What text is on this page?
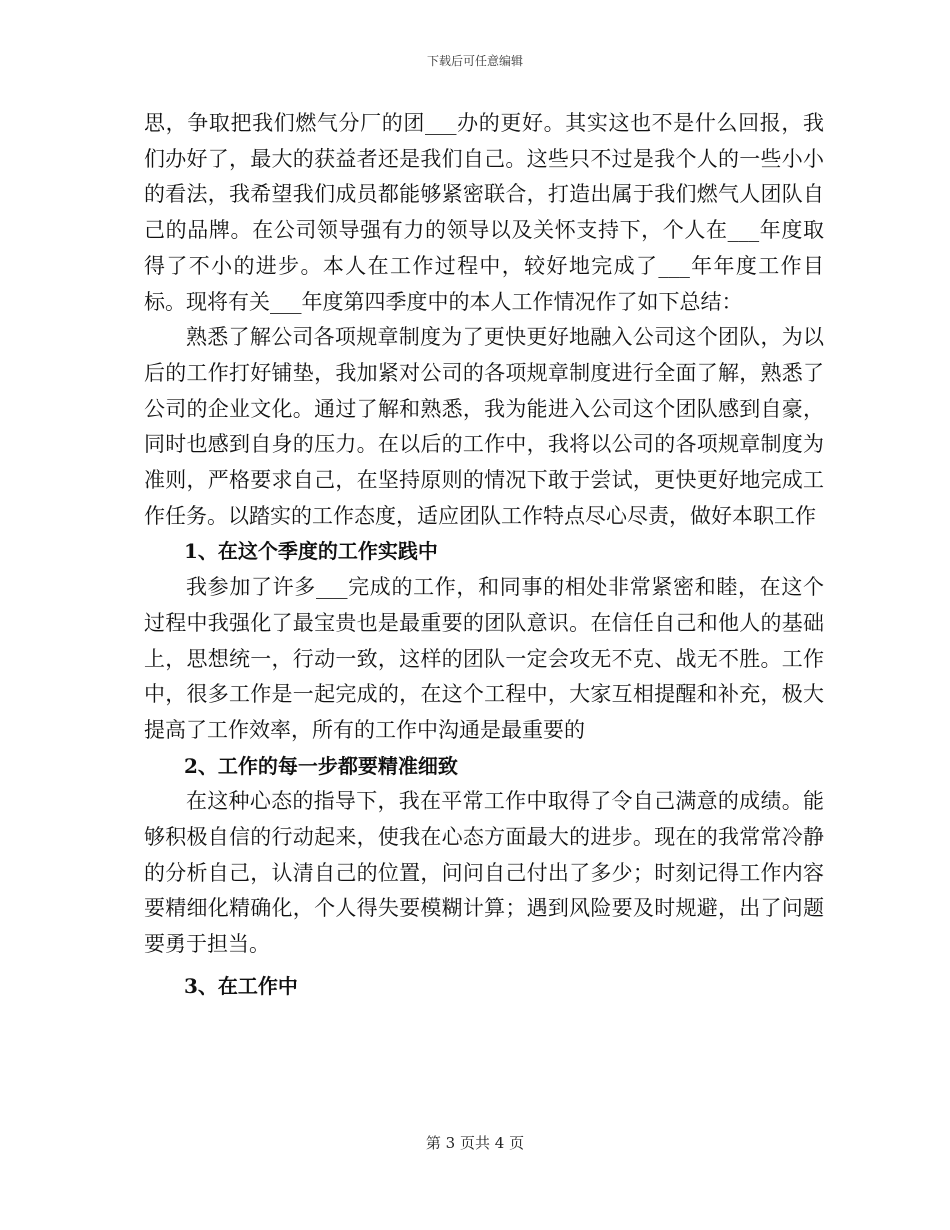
下载后可任意编辑

思，争取把我们燃气分厂的团___办的更好。其实这也不是什么回报，我们办好了，最大的获益者还是我们自己。这些只不过是我个人的一些小小的看法，我希望我们成员都能够紧密联合，打造出属于我们燃气人团队自己的品牌。在公司领导强有力的领导以及关怀支持下，个人在___年度取得了不小的进步。本人在工作过程中，较好地完成了___年年度工作目标。现将有关___年度第四季度中的本人工作情况作了如下总结：

熟悉了解公司各项规章制度为了更快更好地融入公司这个团队，为以后的工作打好铺垫，我加紧对公司的各项规章制度进行全面了解，熟悉了公司的企业文化。通过了解和熟悉，我为能进入公司这个团队感到自豪，同时也感到自身的压力。在以后的工作中，我将以公司的各项规章制度为准则，严格要求自己，在坚持原则的情况下敢于尝试，更快更好地完成工作任务。以踏实的工作态度，适应团队工作特点尽心尽责，做好本职工作

1、在这个季度的工作实践中

我参加了许多___完成的工作，和同事的相处非常紧密和睦，在这个过程中我强化了最宝贵也是最重要的团队意识。在信任自己和他人的基础上，思想统一，行动一致，这样的团队一定会攻无不克、战无不胜。工作中，很多工作是一起完成的，在这个工程中，大家互相提醒和补充，极大提高了工作效率，所有的工作中沟通是最重要的

2、工作的每一步都要精准细致

在这种心态的指导下，我在平常工作中取得了令自己满意的成绩。能够积极自信的行动起来，使我在心态方面最大的进步。现在的我常常冷静的分析自己，认清自己的位置，问问自己付出了多少；时刻记得工作内容要精细化精确化，个人得失要模糊计算；遇到风险要及时规避，出了问题要勇于担当。

3、在工作中

第 3 页共 4 页
